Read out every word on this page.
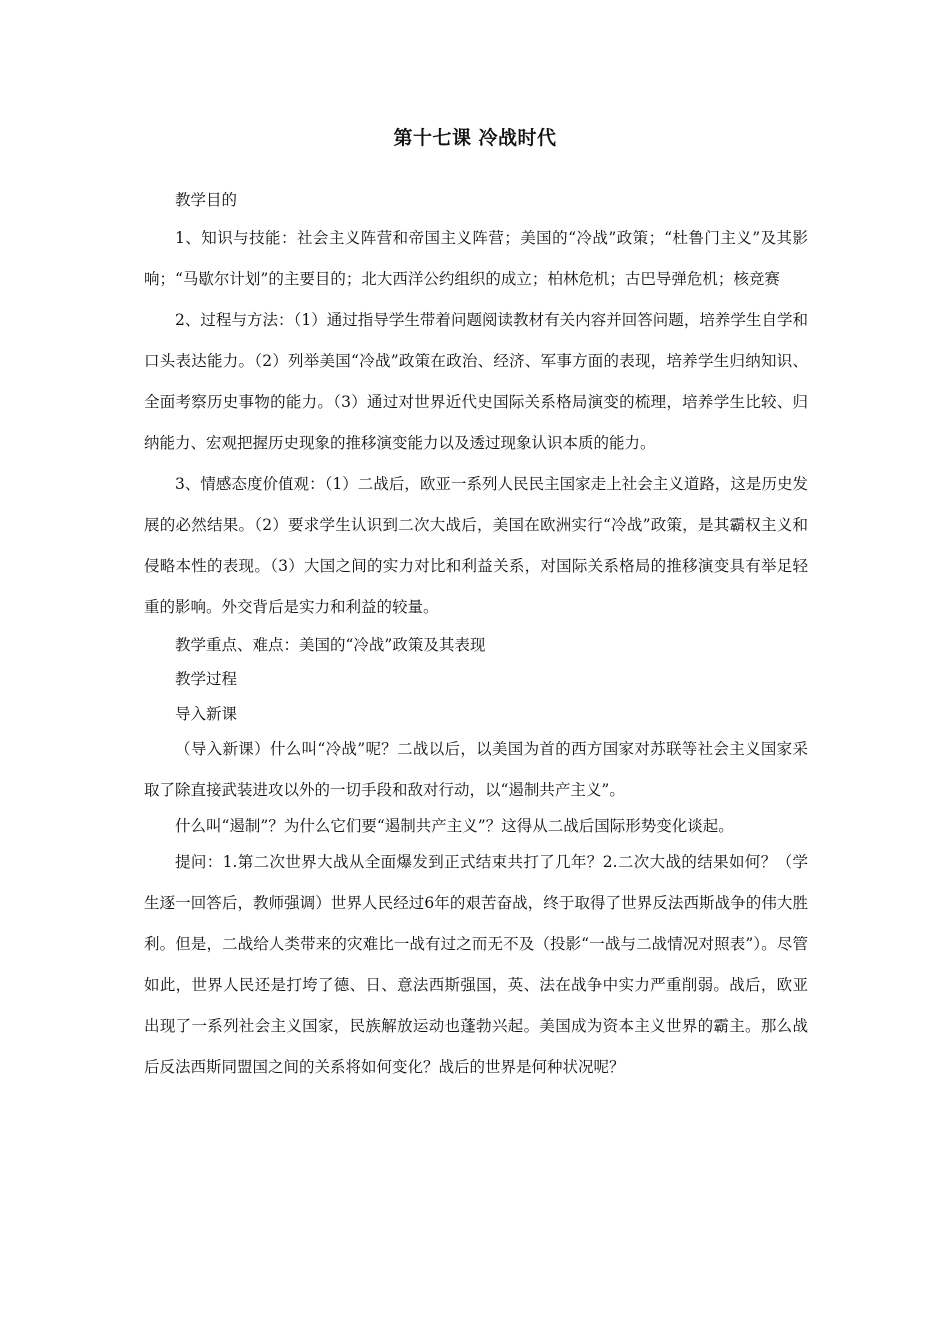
第十七课 冷战时代

教学目的

1、知识与技能：社会主义阵营和帝国主义阵营；美国的“冷战”政策；“杜鲁门主义”及其影响；“马歇尔计划”的主要目的；北大西洋公约组织的成立；柏林危机；古巴导弹危机；核竞赛

2、过程与方法：（1）通过指导学生带着问题阅读教材有关内容并回答问题，培养学生自学和口头表达能力。（2）列举美国“冷战”政策在政治、经济、军事方面的表现，培养学生归纳知识、全面考察历史事物的能力。（3）通过对世界近代史国际关系格局演变的梳理，培养学生比较、归纳能力、宏观把握历史现象的推移演变能力以及透过现象认识本质的能力。

3、情感态度价值观：（1）二战后，欧亚一系列人民民主国家走上社会主义道路，这是历史发展的必然结果。（2）要求学生认识到二次大战后，美国在欧洲实行“冷战”政策，是其霸权主义和侵略本性的表现。（3）大国之间的实力对比和利益关系，对国际关系格局的推移演变具有举足轻重的影响。外交背后是实力和利益的较量。

教学重点、难点：美国的“冷战”政策及其表现

教学过程

导入新课

（导入新课）什么叫“冷战”呢？二战以后，以美国为首的西方国家对苏联等社会主义国家采取了除直接武装进攻以外的一切手段和敌对行动，以“遏制共产主义”。

什么叫“遏制”？为什么它们要“遏制共产主义”？这得从二战后国际形势变化谈起。

提问：1.第二次世界大战从全面爆发到正式结束共打了几年？2.二次大战的结果如何？（学生逐一回答后，教师强调）世界人民经过6年的艰苦奋战，终于取得了世界反法西斯战争的伟大胜利。但是，二战给人类带来的灾难比一战有过之而无不及（投影“一战与二战情况对照表”）。尽管如此，世界人民还是打垮了德、日、意法西斯强国，英、法在战争中实力严重削弱。战后，欧亚出现了一系列社会主义国家，民族解放运动也蓬勃兴起。美国成为资本主义世界的霸主。那么战后反法西斯同盟国之间的关系将如何变化？战后的世界是何种状况呢？
